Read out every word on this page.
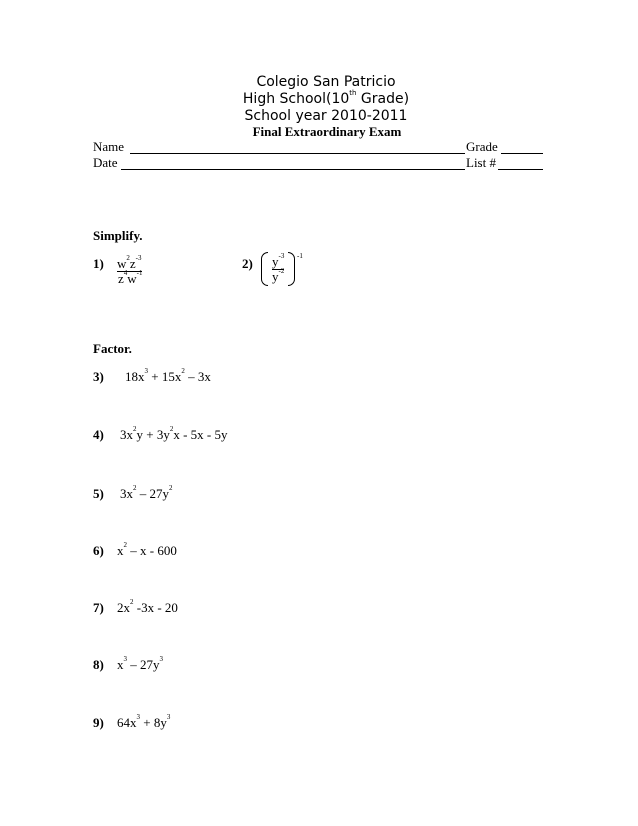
Colegio San Patricio
High School(10th Grade)
School year 2010-2011
Final Extraordinary Exam
Name	Grade
Date	List #
Simplify.
1) $w^2z^{-3}$
$z^4w^{-1}$
2) $y^{-3}$
$y^{-2}$
-1
Factor.
3) $18x^3 + 15x^2 - 3x$
4) $3x^2y + 3y^2x - 5x - 5y$
5) $3x^2 - 27y^2$
6) $x^2$ – x - 600
7) $2x^2$ -3x - 20
8) $x^3 - 27y^3$
9) $64x^3 + 8y^3$
